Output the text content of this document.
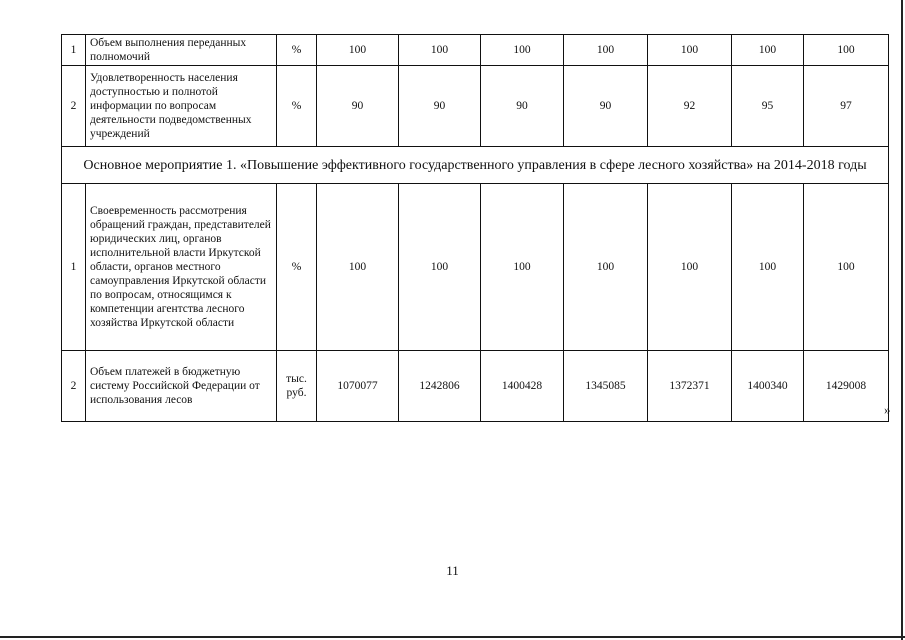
1	Объем выполнения переданных полномочий	%	100	100	100	100	100	100	100
2	Удовлетворенность населения доступностью и полнотой информации по вопросам деятельности подведомственных учреждений	%	90	90	90	90	92	95	97
Основное мероприятие 1. «Повышение эффективного государственного управления в сфере лесного хозяйства» на 2014-2018 годы									
1	Своевременность рассмотрения обращений граждан, представителей юридических лиц, органов исполнительной власти Иркутской области, органов местного самоуправления Иркутской области по вопросам, относящимся к компетенции агентства лесного хозяйства Иркутской области	%	100	100	100	100	100	100	100
2	Объем платежей в бюджетную систему Российской Федерации от использования лесов	тыс. руб.	1070077	1242806	1400428	1345085	1372371	1400340	1429008
»
11
